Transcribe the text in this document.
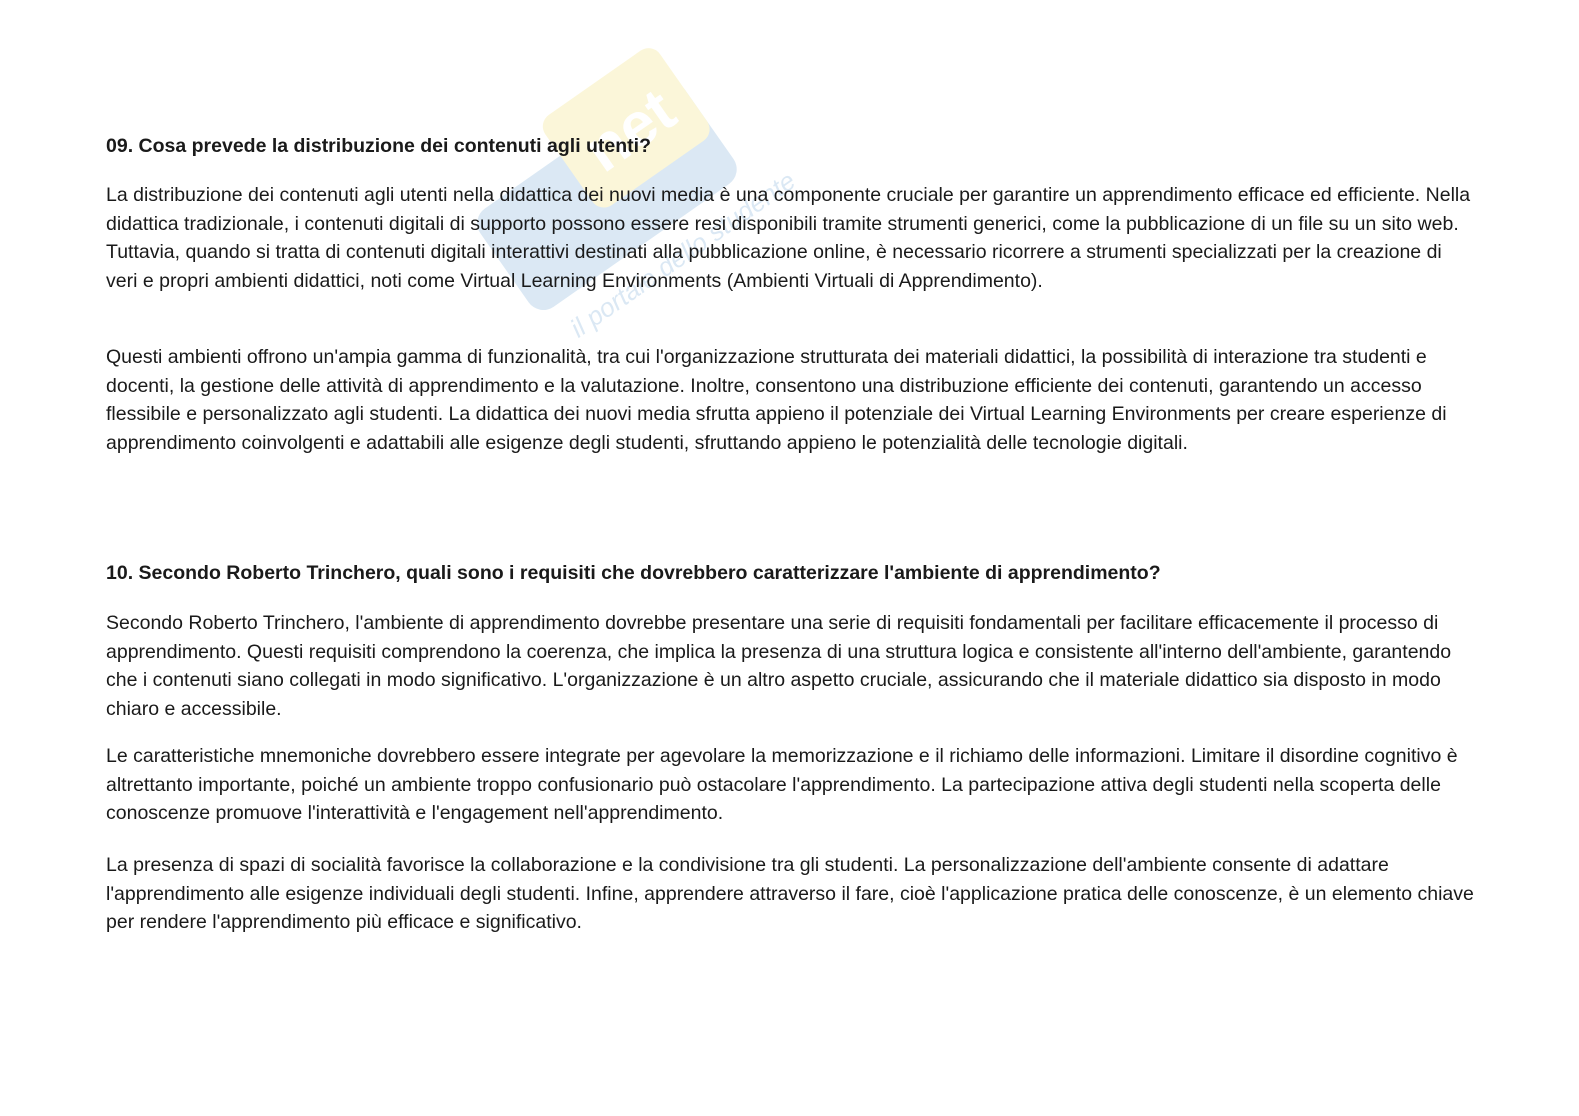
net
il portale dello studente

09. Cosa prevede la distribuzione dei contenuti agli utenti?

La distribuzione dei contenuti agli utenti nella didattica dei nuovi media è una componente cruciale per garantire un apprendimento efficace ed efficiente. Nella didattica tradizionale, i contenuti digitali di supporto possono essere resi disponibili tramite strumenti generici, come la pubblicazione di un file su un sito web. Tuttavia, quando si tratta di contenuti digitali interattivi destinati alla pubblicazione online, è necessario ricorrere a strumenti specializzati per la creazione di veri e propri ambienti didattici, noti come Virtual Learning Environments (Ambienti Virtuali di Apprendimento).

Questi ambienti offrono un'ampia gamma di funzionalità, tra cui l'organizzazione strutturata dei materiali didattici, la possibilità di interazione tra studenti e docenti, la gestione delle attività di apprendimento e la valutazione. Inoltre, consentono una distribuzione efficiente dei contenuti, garantendo un accesso flessibile e personalizzato agli studenti. La didattica dei nuovi media sfrutta appieno il potenziale dei Virtual Learning Environments per creare esperienze di apprendimento coinvolgenti e adattabili alle esigenze degli studenti, sfruttando appieno le potenzialità delle tecnologie digitali.

10. Secondo Roberto Trinchero, quali sono i requisiti che dovrebbero caratterizzare l'ambiente di apprendimento?

Secondo Roberto Trinchero, l'ambiente di apprendimento dovrebbe presentare una serie di requisiti fondamentali per facilitare efficacemente il processo di apprendimento. Questi requisiti comprendono la coerenza, che implica la presenza di una struttura logica e consistente all'interno dell'ambiente, garantendo che i contenuti siano collegati in modo significativo. L'organizzazione è un altro aspetto cruciale, assicurando che il materiale didattico sia disposto in modo chiaro e accessibile.

Le caratteristiche mnemoniche dovrebbero essere integrate per agevolare la memorizzazione e il richiamo delle informazioni. Limitare il disordine cognitivo è altrettanto importante, poiché un ambiente troppo confusionario può ostacolare l'apprendimento. La partecipazione attiva degli studenti nella scoperta delle conoscenze promuove l'interattività e l'engagement nell'apprendimento.

La presenza di spazi di socialità favorisce la collaborazione e la condivisione tra gli studenti. La personalizzazione dell'ambiente consente di adattare l'apprendimento alle esigenze individuali degli studenti. Infine, apprendere attraverso il fare, cioè l'applicazione pratica delle conoscenze, è un elemento chiave per rendere l'apprendimento più efficace e significativo.
